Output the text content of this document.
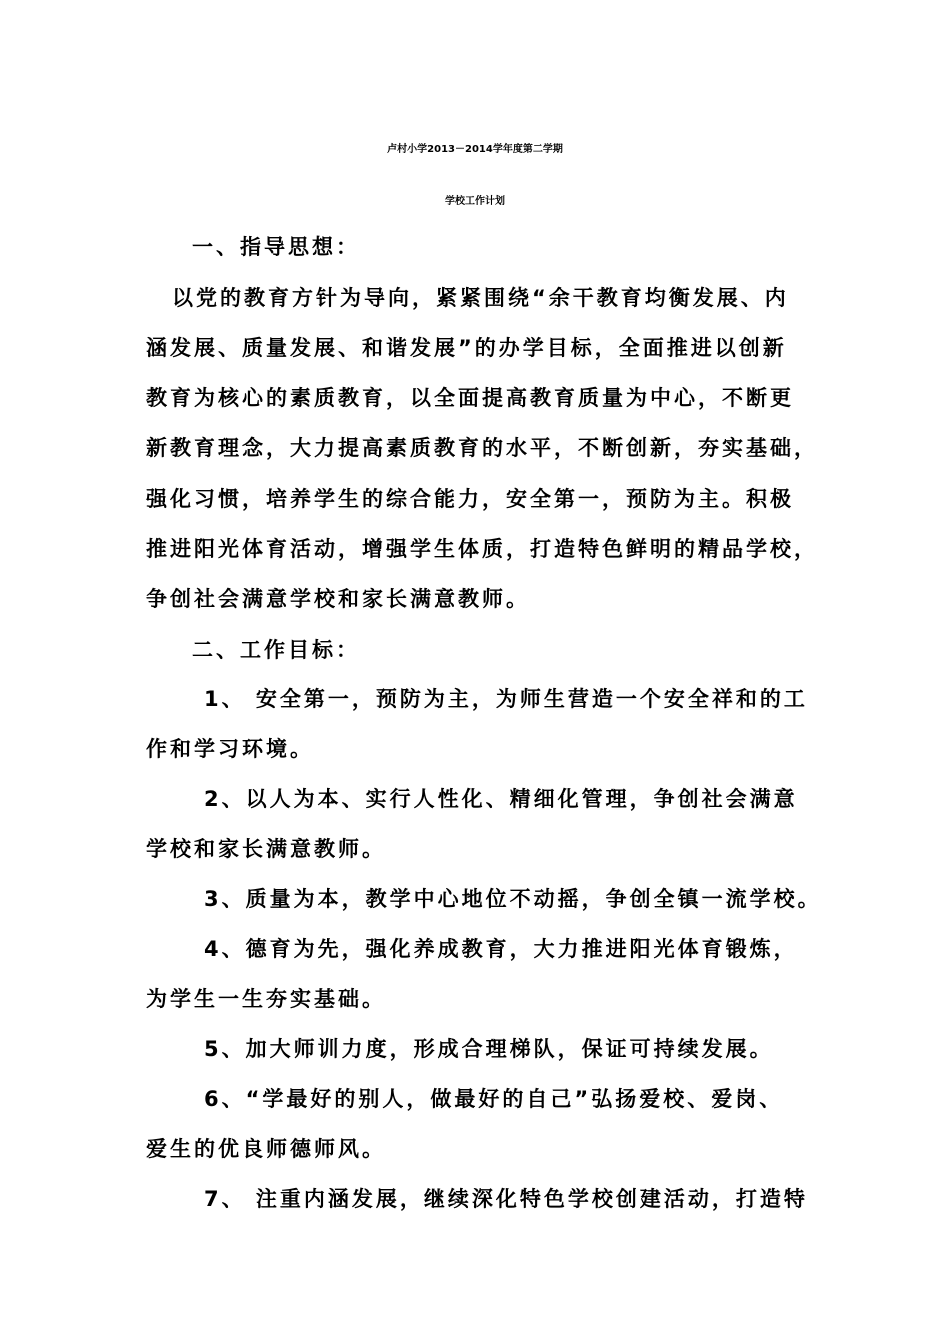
卢村小学2013－2014学年度第二学期
学校工作计划
一、指导思想：
以党的教育方针为导向，紧紧围绕“余干教育均衡发展、内
涵发展、质量发展、和谐发展”的办学目标，全面推进以创新
教育为核心的素质教育，以全面提高教育质量为中心，不断更
新教育理念，大力提高素质教育的水平，不断创新，夯实基础，
强化习惯，培养学生的综合能力，安全第一，预防为主。积极
推进阳光体育活动，增强学生体质，打造特色鲜明的精品学校，
争创社会满意学校和家长满意教师。
二、工作目标：
1、 安全第一，预防为主，为师生营造一个安全祥和的工
作和学习环境。
2、以人为本、实行人性化、精细化管理，争创社会满意
学校和家长满意教师。
3、质量为本，教学中心地位不动摇，争创全镇一流学校。
4、德育为先，强化养成教育，大力推进阳光体育锻炼，
为学生一生夯实基础。
5、加大师训力度，形成合理梯队，保证可持续发展。
6、“学最好的别人，做最好的自己”弘扬爱校、爱岗、
爱生的优良师德师风。
7、 注重内涵发展，继续深化特色学校创建活动，打造特
